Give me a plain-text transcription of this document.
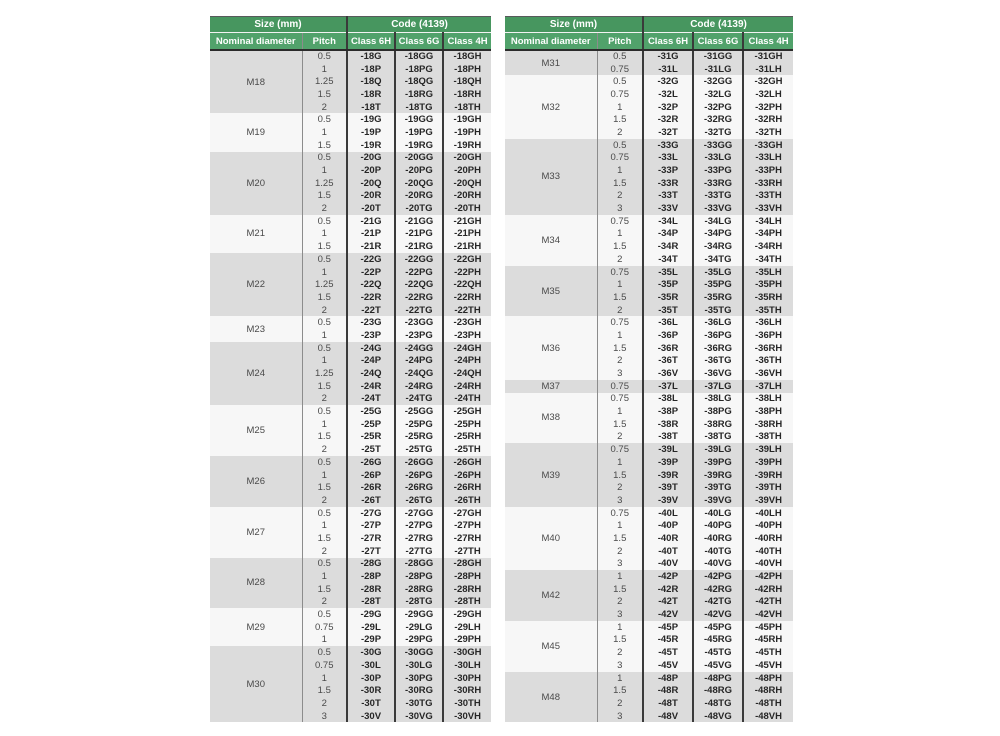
Size (mm)		Code (4139)		
Nominal diameter	Pitch	Class 6H	Class 6G	Class 4H
M18	0.5	-18G	-18GG	-18GH
	1	-18P	-18PG	-18PH
	1.25	-18Q	-18QG	-18QH
	1.5	-18R	-18RG	-18RH
	2	-18T	-18TG	-18TH
M19	0.5	-19G	-19GG	-19GH
	1	-19P	-19PG	-19PH
	1.5	-19R	-19RG	-19RH
M20	0.5	-20G	-20GG	-20GH
	1	-20P	-20PG	-20PH
	1.25	-20Q	-20QG	-20QH
	1.5	-20R	-20RG	-20RH
	2	-20T	-20TG	-20TH
M21	0.5	-21G	-21GG	-21GH
	1	-21P	-21PG	-21PH
	1.5	-21R	-21RG	-21RH
M22	0.5	-22G	-22GG	-22GH
	1	-22P	-22PG	-22PH
	1.25	-22Q	-22QG	-22QH
	1.5	-22R	-22RG	-22RH
	2	-22T	-22TG	-22TH
M23	0.5	-23G	-23GG	-23GH
	1	-23P	-23PG	-23PH
M24	0.5	-24G	-24GG	-24GH
	1	-24P	-24PG	-24PH
	1.25	-24Q	-24QG	-24QH
	1.5	-24R	-24RG	-24RH
	2	-24T	-24TG	-24TH
M25	0.5	-25G	-25GG	-25GH
	1	-25P	-25PG	-25PH
	1.5	-25R	-25RG	-25RH
	2	-25T	-25TG	-25TH
M26	0.5	-26G	-26GG	-26GH
	1	-26P	-26PG	-26PH
	1.5	-26R	-26RG	-26RH
	2	-26T	-26TG	-26TH
M27	0.5	-27G	-27GG	-27GH
	1	-27P	-27PG	-27PH
	1.5	-27R	-27RG	-27RH
	2	-27T	-27TG	-27TH
M28	0.5	-28G	-28GG	-28GH
	1	-28P	-28PG	-28PH
	1.5	-28R	-28RG	-28RH
	2	-28T	-28TG	-28TH
M29	0.5	-29G	-29GG	-29GH
	0.75	-29L	-29LG	-29LH
	1	-29P	-29PG	-29PH
M30	0.5	-30G	-30GG	-30GH
	0.75	-30L	-30LG	-30LH
	1	-30P	-30PG	-30PH
	1.5	-30R	-30RG	-30RH
	2	-30T	-30TG	-30TH
	3	-30V	-30VG	-30VH
Size (mm)		Code (4139)		
Nominal diameter	Pitch	Class 6H	Class 6G	Class 4H
M31	0.5	-31G	-31GG	-31GH
	0.75	-31L	-31LG	-31LH
M32	0.5	-32G	-32GG	-32GH
	0.75	-32L	-32LG	-32LH
	1	-32P	-32PG	-32PH
	1.5	-32R	-32RG	-32RH
	2	-32T	-32TG	-32TH
M33	0.5	-33G	-33GG	-33GH
	0.75	-33L	-33LG	-33LH
	1	-33P	-33PG	-33PH
	1.5	-33R	-33RG	-33RH
	2	-33T	-33TG	-33TH
	3	-33V	-33VG	-33VH
M34	0.75	-34L	-34LG	-34LH
	1	-34P	-34PG	-34PH
	1.5	-34R	-34RG	-34RH
	2	-34T	-34TG	-34TH
M35	0.75	-35L	-35LG	-35LH
	1	-35P	-35PG	-35PH
	1.5	-35R	-35RG	-35RH
	2	-35T	-35TG	-35TH
M36	0.75	-36L	-36LG	-36LH
	1	-36P	-36PG	-36PH
	1.5	-36R	-36RG	-36RH
	2	-36T	-36TG	-36TH
	3	-36V	-36VG	-36VH
M37	0.75	-37L	-37LG	-37LH
M38	0.75	-38L	-38LG	-38LH
	1	-38P	-38PG	-38PH
	1.5	-38R	-38RG	-38RH
	2	-38T	-38TG	-38TH
M39	0.75	-39L	-39LG	-39LH
	1	-39P	-39PG	-39PH
	1.5	-39R	-39RG	-39RH
	2	-39T	-39TG	-39TH
	3	-39V	-39VG	-39VH
M40	0.75	-40L	-40LG	-40LH
	1	-40P	-40PG	-40PH
	1.5	-40R	-40RG	-40RH
	2	-40T	-40TG	-40TH
	3	-40V	-40VG	-40VH
M42	1	-42P	-42PG	-42PH
	1.5	-42R	-42RG	-42RH
	2	-42T	-42TG	-42TH
	3	-42V	-42VG	-42VH
M45	1	-45P	-45PG	-45PH
	1.5	-45R	-45RG	-45RH
	2	-45T	-45TG	-45TH
	3	-45V	-45VG	-45VH
M48	1	-48P	-48PG	-48PH
	1.5	-48R	-48RG	-48RH
	2	-48T	-48TG	-48TH
	3	-48V	-48VG	-48VH
